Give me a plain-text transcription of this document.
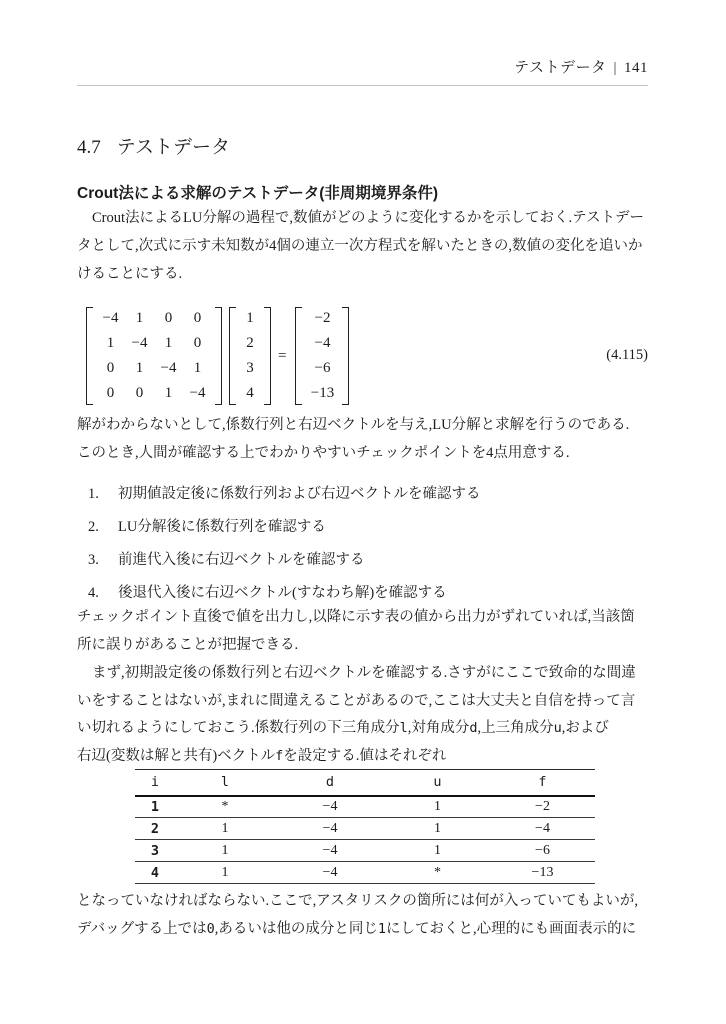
テストデータ | 141
4.7 テストデータ
Crout法による求解のテストデータ(非周期境界条件)
Crout法によるLU分解の過程で,数値がどのように変化するかを示しておく.テストデー
タとして,次式に示す未知数が4個の連立一次方程式を解いたときの,数値の変化を追いか
けることにする.
−4	1	0	0
1	−4	1	0
0	1	−4	1
0	0	1	−4
1
2
3
4
=
−2
−4
−6
−13
(4.115)
解がわからないとして,係数行列と右辺ベクトルを与え,LU分解と求解を行うのである.
このとき,人間が確認する上でわかりやすいチェックポイントを4点用意する.
1.	初期値設定後に係数行列および右辺ベクトルを確認する
2.	LU分解後に係数行列を確認する
3.	前進代入後に右辺ベクトルを確認する
4.	後退代入後に右辺ベクトル(すなわち解)を確認する
チェックポイント直後で値を出力し,以降に示す表の値から出力がずれていれば,当該箇
所に誤りがあることが把握できる.
まず,初期設定後の係数行列と右辺ベクトルを確認する.さすがにここで致命的な間違
いをすることはないが,まれに間違えることがあるので,ここは大丈夫と自信を持って言
い切れるようにしておこう.係数行列の下三角成分l,対角成分d,上三角成分u,および
右辺(変数は解と共有)ベクトルfを設定する.値はそれぞれ
i	l	d	u	f
1	*	−4	1	−2
2	1	−4	1	−4
3	1	−4	1	−6
4	1	−4	*	−13
となっていなければならない.ここで,アスタリスクの箇所には何が入っていてもよいが,
デバッグする上では0,あるいは他の成分と同じ1にしておくと,心理的にも画面表示的に
